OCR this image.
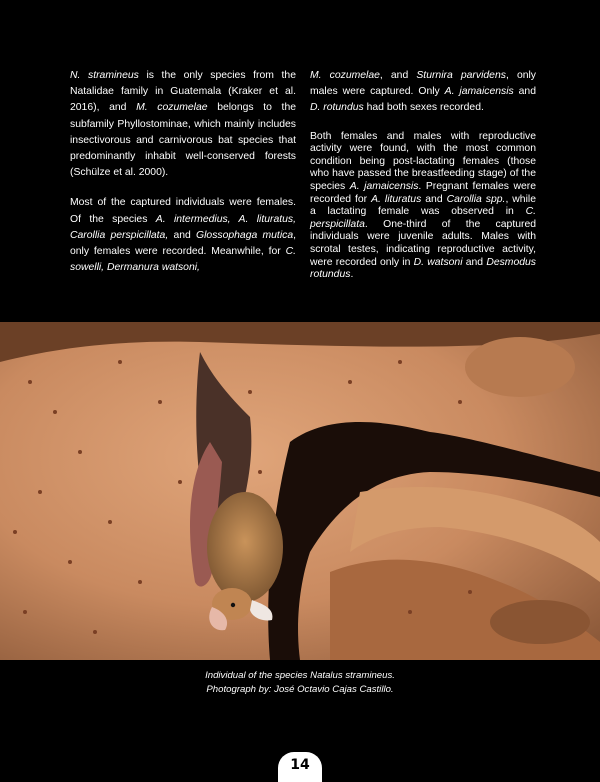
N. stramineus is the only species from the Natalidae family in Guatemala (Kraker et al. 2016), and M. cozumelae belongs to the subfamily Phyllostominae, which mainly includes insectivorous and carnivorous bat species that predominantly inhabit well-conserved forests (Schülze et al. 2000).

Most of the captured individuals were females. Of the species A. intermedius, A. lituratus, Carollia perspicillata, and Glossophaga mutica, only females were recorded. Meanwhile, for C. sowelli, Dermanura watsoni,

M. cozumelae, and Sturnira parvidens, only males were captured. Only A. jamaicensis and D. rotundus had both sexes recorded.

Both females and males with reproductive activity were found, with the most common condition being post-lactating females (those who have passed the breastfeeding stage) of the species A. jamaicensis. Pregnant females were recorded for A. lituratus and Carollia spp., while a lactating female was observed in C. perspicillata. One-third of the captured individuals were juvenile adults. Males with scrotal testes, indicating reproductive activity, were recorded only in D. watsoni and Desmodus rotundus.

Individual of the species Natalus stramineus.
Photograph by: José Octavio Cajas Castillo.
14
